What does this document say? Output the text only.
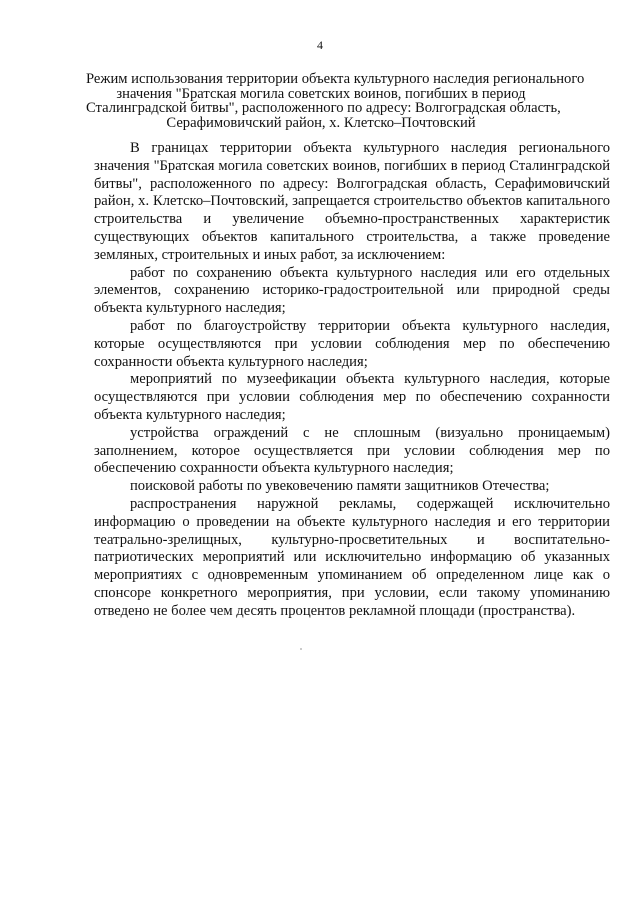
4
Режим использования территории объекта культурного наследия регионального
значения "Братская могила советских воинов, погибших в период
Сталинградской битвы", расположенного по адресу: Волгоградская область,
Серафимовичский район, х. Клетско–Почтовский

В границах территории объекта культурного наследия регионального значения "Братская могила советских воинов, погибших в период Сталинградской битвы", расположенного по адресу: Волгоградская область, Серафимовичский район, х. Клетско–Почтовский, запрещается строительство объектов капитального строительства и увеличение объемно-пространственных характеристик существующих объектов капитального строительства, а также проведение земляных, строительных и иных работ, за исключением:

работ по сохранению объекта культурного наследия или его отдельных элементов, сохранению историко-градостроительной или природной среды объекта культурного наследия;

работ по благоустройству территории объекта культурного наследия, которые осуществляются при условии соблюдения мер по обеспечению сохранности объекта культурного наследия;

мероприятий по музеефикации объекта культурного наследия, которые осуществляются при условии соблюдения мер по обеспечению сохранности объекта культурного наследия;

устройства ограждений с не сплошным (визуально проницаемым) заполнением, которое осуществляется при условии соблюдения мер по обеспечению сохранности объекта культурного наследия;

поисковой работы по увековечению памяти защитников Отечества;

распространения наружной рекламы, содержащей исключительно информацию о проведении на объекте культурного наследия и его территории театрально-зрелищных, культурно-просветительных и воспитательно-патриотических мероприятий или исключительно информацию об указанных мероприятиях с одновременным упоминанием об определенном лице как о спонсоре конкретного мероприятия, при условии, если такому упоминанию отведено не более чем десять процентов рекламной площади (пространства).
